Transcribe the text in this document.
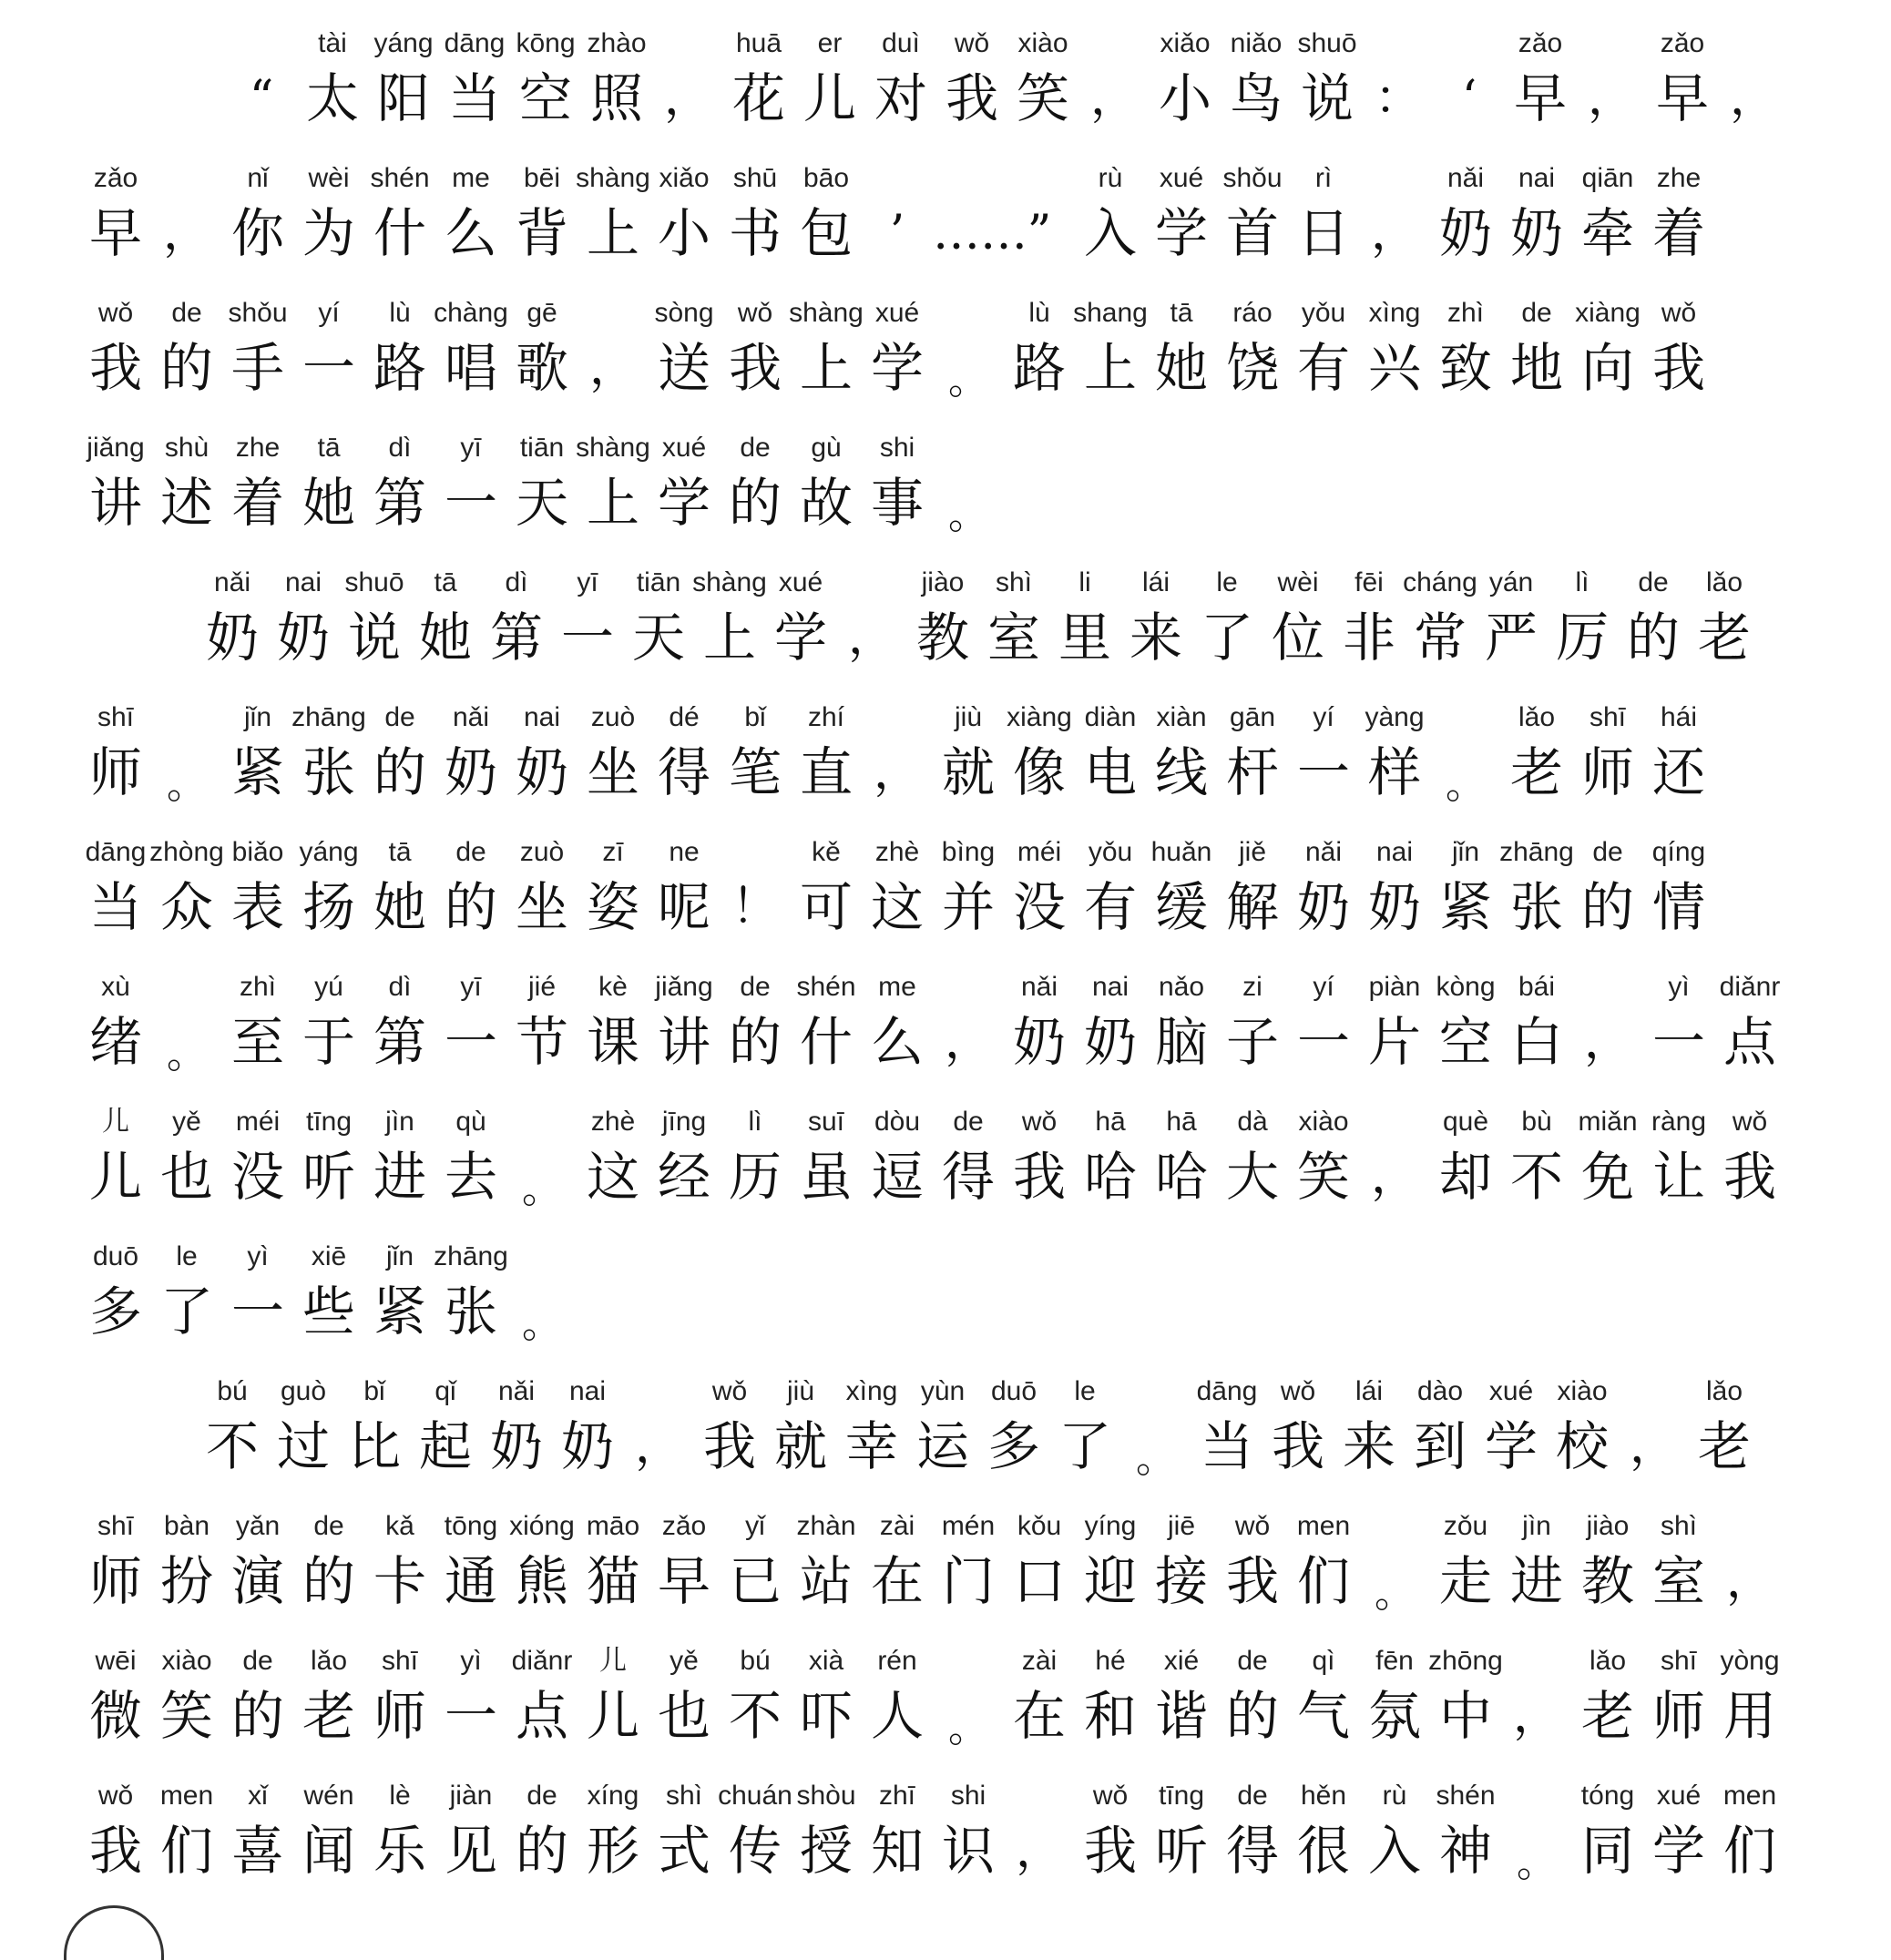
“
tài
太
yáng
阳
dāng
当
kōng
空
zhào
照 ，
huā
花
er
儿
duì
对
wǒ
我
xiào
笑 ，
xiǎo
小
niǎo
鸟
shuō
说 ： ‘
zǎo
早 ，
zǎo
早 ，
zǎo
早 ，
nǐ
你
wèi
为
shén
什
me
么
bēi
背
shàng
上
xiǎo
小
shū
书
bāo
包 ’ …… ”
rù
入
xué
学
shǒu
首
rì
日 ，
nǎi
奶
nai
奶
qiān
牵
zhe
着
wǒ
我
de
的
shǒu
手
yí
一
lù
路
chàng
唱
gē
歌 ，
sòng
送
wǒ
我
shàng
上
xué
学 。
lù
路
shang
上
tā
她
ráo
饶
yǒu
有
xìng
兴
zhì
致
de
地
xiàng
向
wǒ
我
jiǎng
讲
shù
述
zhe
着
tā
她
dì
第
yī
一
tiān
天
shàng
上
xué
学
de
的
gù
故
shi
事 。
nǎi
奶
nai
奶
shuō
说
tā
她
dì
第
yī
一
tiān
天
shàng
上
xué
学 ，
jiào
教
shì
室
li
里
lái
来
le
了
wèi
位
fēi
非
cháng
常
yán
严
lì
厉
de
的
lǎo
老
shī
师 。
jǐn
紧
zhāng
张
de
的
nǎi
奶
nai
奶
zuò
坐
dé
得
bǐ
笔
zhí
直 ，
jiù
就
xiàng
像
diàn
电
xiàn
线
gān
杆
yí
一
yàng
样 。
lǎo
老
shī
师
hái
还
dāng
当
zhòng
众
biǎo
表
yáng
扬
tā
她
de
的
zuò
坐
zī
姿
ne
呢 ！
kě
可
zhè
这
bìng
并
méi
没
yǒu
有
huǎn
缓
jiě
解
nǎi
奶
nai
奶
jǐn
紧
zhāng
张
de
的
qíng
情
xù
绪 。
zhì
至
yú
于
dì
第
yī
一
jié
节
kè
课
jiǎng
讲
de
的
shén
什
me
么 ，
nǎi
奶
nai
奶
nǎo
脑
zi
子
yí
一
piàn
片
kòng
空
bái
白 ，
yì
一
diǎnr
点
儿
儿
yě
也
méi
没
tīng
听
jìn
进
qù
去 。
zhè
这
jīng
经
lì
历
suī
虽
dòu
逗
de
得
wǒ
我
hā
哈
hā
哈
dà
大
xiào
笑 ，
què
却
bù
不
miǎn
免
ràng
让
wǒ
我
duō
多
le
了
yì
一
xiē
些
jǐn
紧
zhāng
张 。
bú
不
guò
过
bǐ
比
qǐ
起
nǎi
奶
nai
奶 ，
wǒ
我
jiù
就
xìng
幸
yùn
运
duō
多
le
了 。
dāng
当
wǒ
我
lái
来
dào
到
xué
学
xiào
校 ，
lǎo
老
shī
师
bàn
扮
yǎn
演
de
的
kǎ
卡
tōng
通
xióng
熊
māo
猫
zǎo
早
yǐ
已
zhàn
站
zài
在
mén
门
kǒu
口
yíng
迎
jiē
接
wǒ
我
men
们 。
zǒu
走
jìn
进
jiào
教
shì
室 ，
wēi
微
xiào
笑
de
的
lǎo
老
shī
师
yì
一
diǎnr
点
儿
儿
yě
也
bú
不
xià
吓
rén
人 。
zài
在
hé
和
xié
谐
de
的
qì
气
fēn
氛
zhōng
中 ，
lǎo
老
shī
师
yòng
用
wǒ
我
men
们
xǐ
喜
wén
闻
lè
乐
jiàn
见
de
的
xíng
形
shì
式
chuán
传
shòu
授
zhī
知
shi
识 ，
wǒ
我
tīng
听
de
得
hěn
很
rù
入
shén
神 。
tóng
同
xué
学
men
们
